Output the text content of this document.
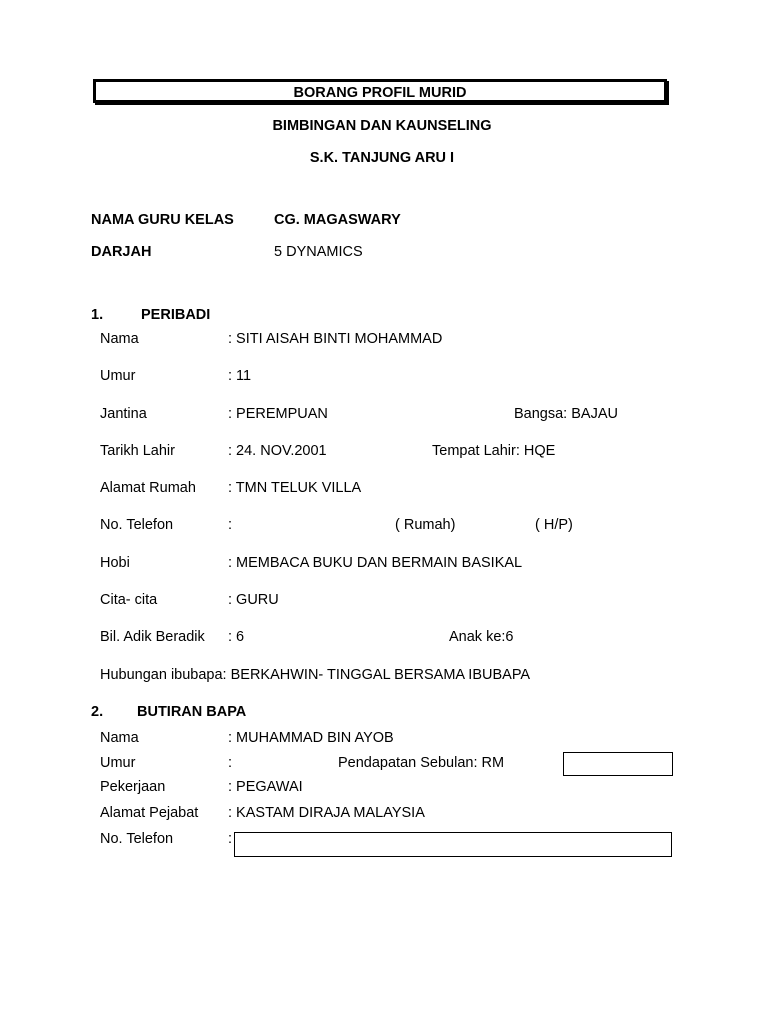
BORANG PROFIL MURID
BIMBINGAN DAN KAUNSELING
S.K. TANJUNG ARU I
NAMA GURU KELAS	CG. MAGASWARY
DARJAH	5 DYNAMICS
1.	PERIBADI
Nama	: SITI AISAH BINTI MOHAMMAD
Umur	: 11
Jantina	: PEREMPUAN	Bangsa: BAJAU
Tarikh Lahir	: 24. NOV.2001	Tempat Lahir: HQE
Alamat Rumah : TMN TELUK VILLA
No. Telefon	:	( Rumah)	( H/P)
Hobi	: MEMBACA BUKU DAN BERMAIN BASIKAL
Cita- cita	: GURU
Bil. Adik Beradik : 6	Anak ke:6
Hubungan ibubapa: BERKAHWIN- TINGGAL BERSAMA IBUBAPA
2. BUTIRAN BAPA
Nama	: MUHAMMAD BIN AYOB
Umur	:	Pendapatan Sebulan: RM
Pekerjaan	: PEGAWAI
Alamat Pejabat : KASTAM DIRAJA MALAYSIA
No. Telefon	:
